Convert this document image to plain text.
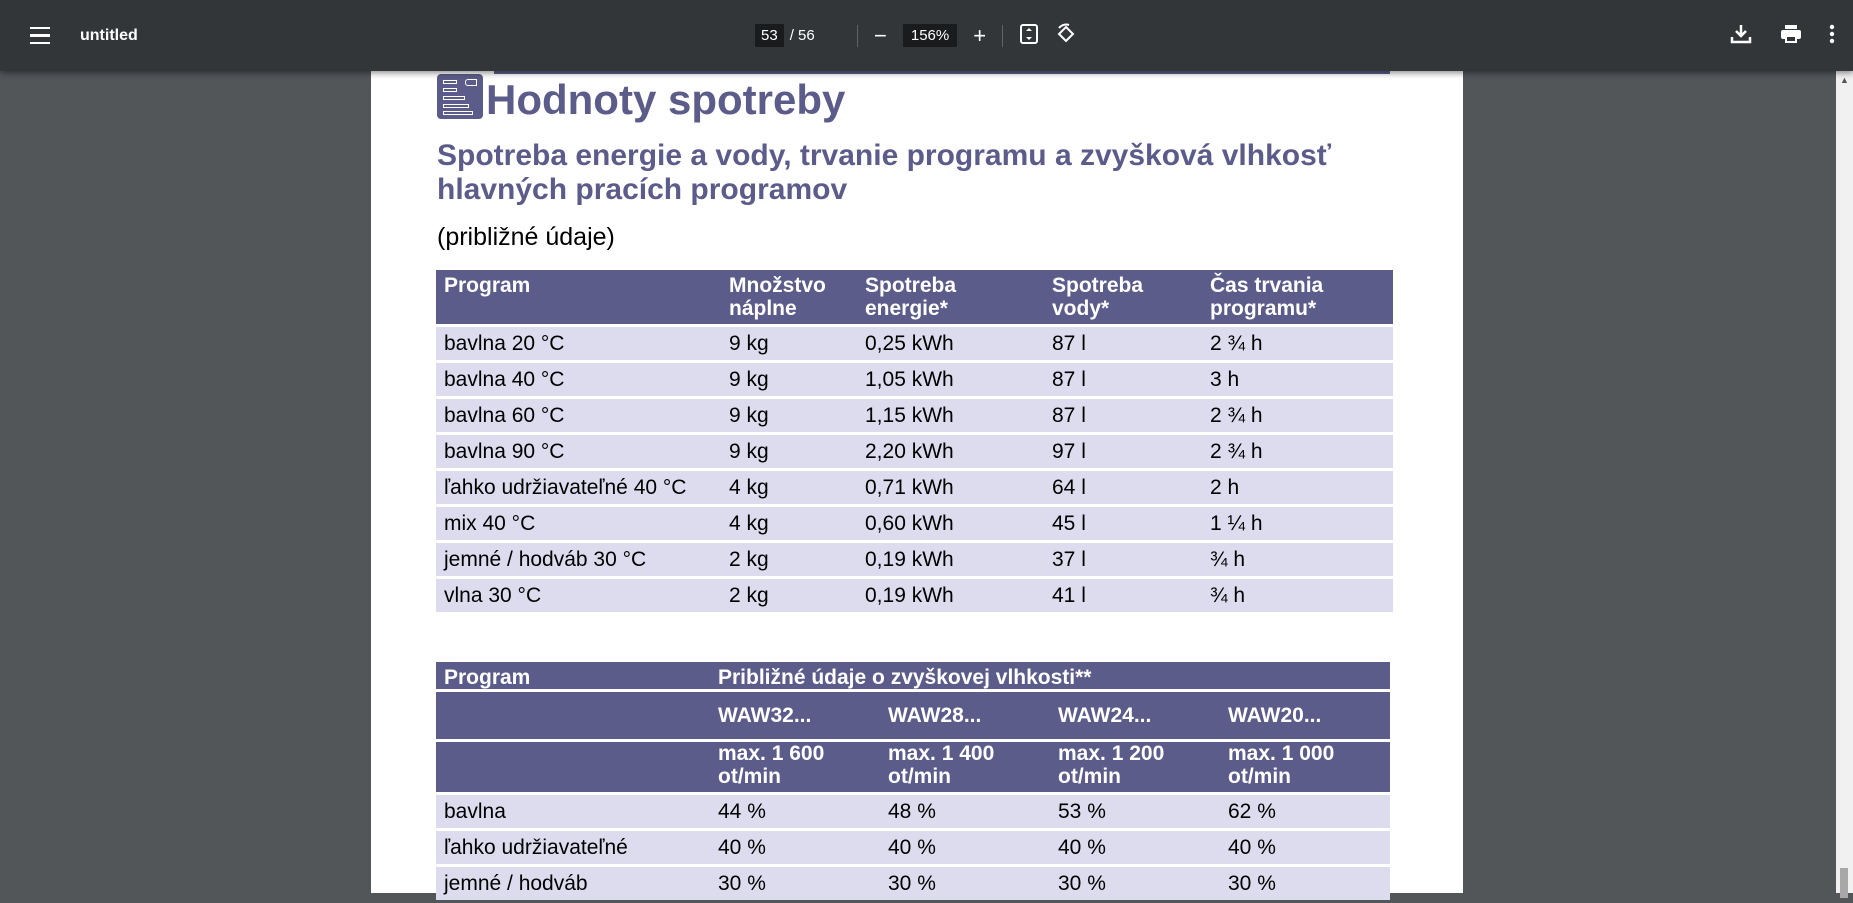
untitled	53 / 56	−	156%	+
Hodnoty spotreby
Spotreba energie a vody, trvanie programu a zvyšková vlhkosť hlavných pracích programov
(približné údaje)
Program	Množstvo náplne	Spotreba energie*	Spotreba vody*	Čas trvania programu*
bavlna 20 °C	9 kg	0,25 kWh	87 l	2 ¾ h
bavlna 40 °C	9 kg	1,05 kWh	87 l	3 h
bavlna 60 °C	9 kg	1,15 kWh	87 l	2 ¾ h
bavlna 90 °C	9 kg	2,20 kWh	97 l	2 ¾ h
ľahko udržiavateľné 40 °C	4 kg	0,71 kWh	64 l	2 h
mix 40 °C	4 kg	0,60 kWh	45 l	1 ¼ h
jemné / hodváb 30 °C	2 kg	0,19 kWh	37 l	¾ h
vlna 30 °C	2 kg	0,19 kWh	41 l	¾ h
Program	Približné údaje o zvyškovej vlhkosti**			
	WAW32...	WAW28...	WAW24...	WAW20...
	max. 1 600 ot/min	max. 1 400 ot/min	max. 1 200 ot/min	max. 1 000 ot/min
bavlna	44 %	48 %	53 %	62 %
ľahko udržiavateľné	40 %	40 %	40 %	40 %
jemné / hodváb	30 %	30 %	30 %	30 %
▲
